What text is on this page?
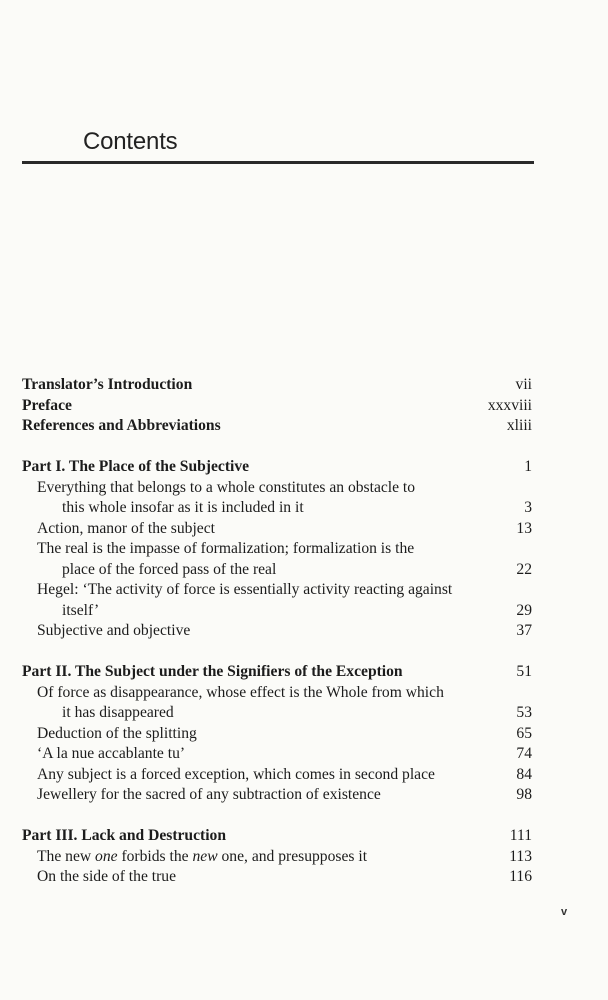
Contents
Translator’s Introduction	vii
Preface	xxxviii
References and Abbreviations	xliii
Part I. The Place of the Subjective	1
Everything that belongs to a whole constitutes an obstacle to
this whole insofar as it is included in it	3
Action, manor of the subject	13
The real is the impasse of formalization; formalization is the
place of the forced pass of the real	22
Hegel: ‘The activity of force is essentially activity reacting against
itself’	29
Subjective and objective	37
Part II. The Subject under the Signifiers of the Exception	51
Of force as disappearance, whose effect is the Whole from which
it has disappeared	53
Deduction of the splitting	65
‘A la nue accablante tu’	74
Any subject is a forced exception, which comes in second place	84
Jewellery for the sacred of any subtraction of existence	98
Part III. Lack and Destruction	111
The new one forbids the new one, and presupposes it	113
On the side of the true	116
v
